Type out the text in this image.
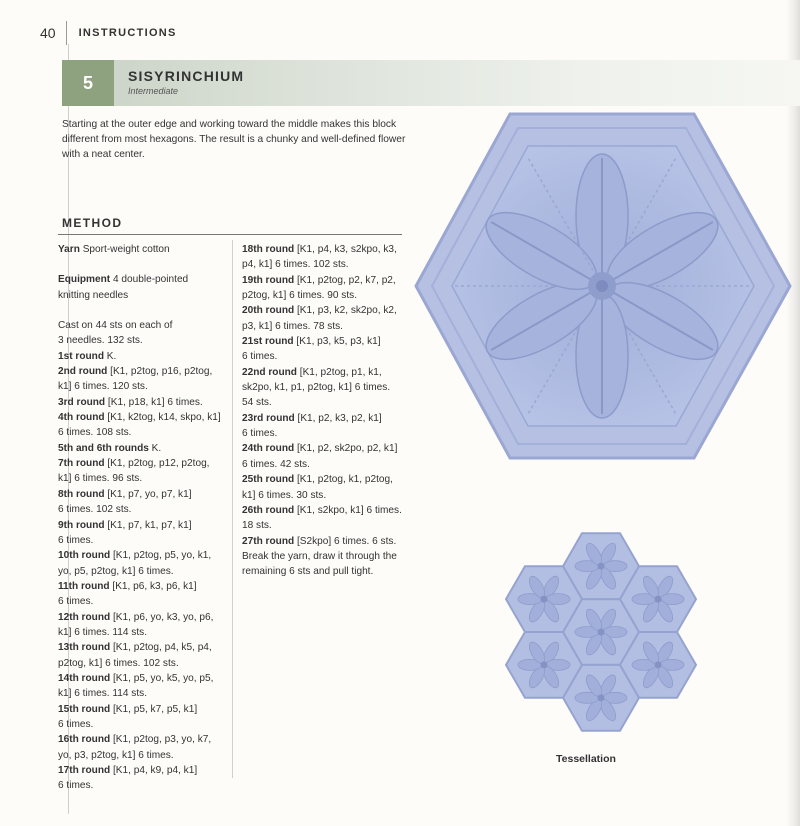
40 INSTRUCTIONS
5	SISYRINCHIUM
Intermediate
Starting at the outer edge and working toward the middle makes this block
different from most hexagons. The result is a chunky and well-defined flower
with a neat center.
METHOD

Yarn Sport-weight cotton

Equipment 4 double-pointed
knitting needles

Cast on 44 sts on each of
3 needles. 132 sts.
1st round K.
2nd round [K1, p2tog, p16, p2tog,
k1] 6 times. 120 sts.
3rd round [K1, p18, k1] 6 times.
4th round [K1, k2tog, k14, skpo, k1]
6 times. 108 sts.
5th and 6th rounds K.
7th round [K1, p2tog, p12, p2tog,
k1] 6 times. 96 sts.
8th round [K1, p7, yo, p7, k1]
6 times. 102 sts.
9th round [K1, p7, k1, p7, k1]
6 times.
10th round [K1, p2tog, p5, yo, k1,
yo, p5, p2tog, k1] 6 times.
11th round [K1, p6, k3, p6, k1]
6 times.
12th round [K1, p6, yo, k3, yo, p6,
k1] 6 times. 114 sts.
13th round [K1, p2tog, p4, k5, p4,
p2tog, k1] 6 times. 102 sts.
14th round [K1, p5, yo, k5, yo, p5,
k1] 6 times. 114 sts.
15th round [K1, p5, k7, p5, k1]
6 times.
16th round [K1, p2tog, p3, yo, k7,
yo, p3, p2tog, k1] 6 times.
17th round [K1, p4, k9, p4, k1]
6 times.
18th round [K1, p4, k3, s2kpo, k3,
p4, k1] 6 times. 102 sts.
19th round [K1, p2tog, p2, k7, p2,
p2tog, k1] 6 times. 90 sts.
20th round [K1, p3, k2, sk2po, k2,
p3, k1] 6 times. 78 sts.
21st round [K1, p3, k5, p3, k1]
6 times.
22nd round [K1, p2tog, p1, k1,
sk2po, k1, p1, p2tog, k1] 6 times.
54 sts.
23rd round [K1, p2, k3, p2, k1]
6 times.
24th round [K1, p2, sk2po, p2, k1]
6 times. 42 sts.
25th round [K1, p2tog, k1, p2tog,
k1] 6 times. 30 sts.
26th round [K1, s2kpo, k1] 6 times.
18 sts.
27th round [S2kpo] 6 times. 6 sts.
Break the yarn, draw it through the
remaining 6 sts and pull tight.
Tessellation
